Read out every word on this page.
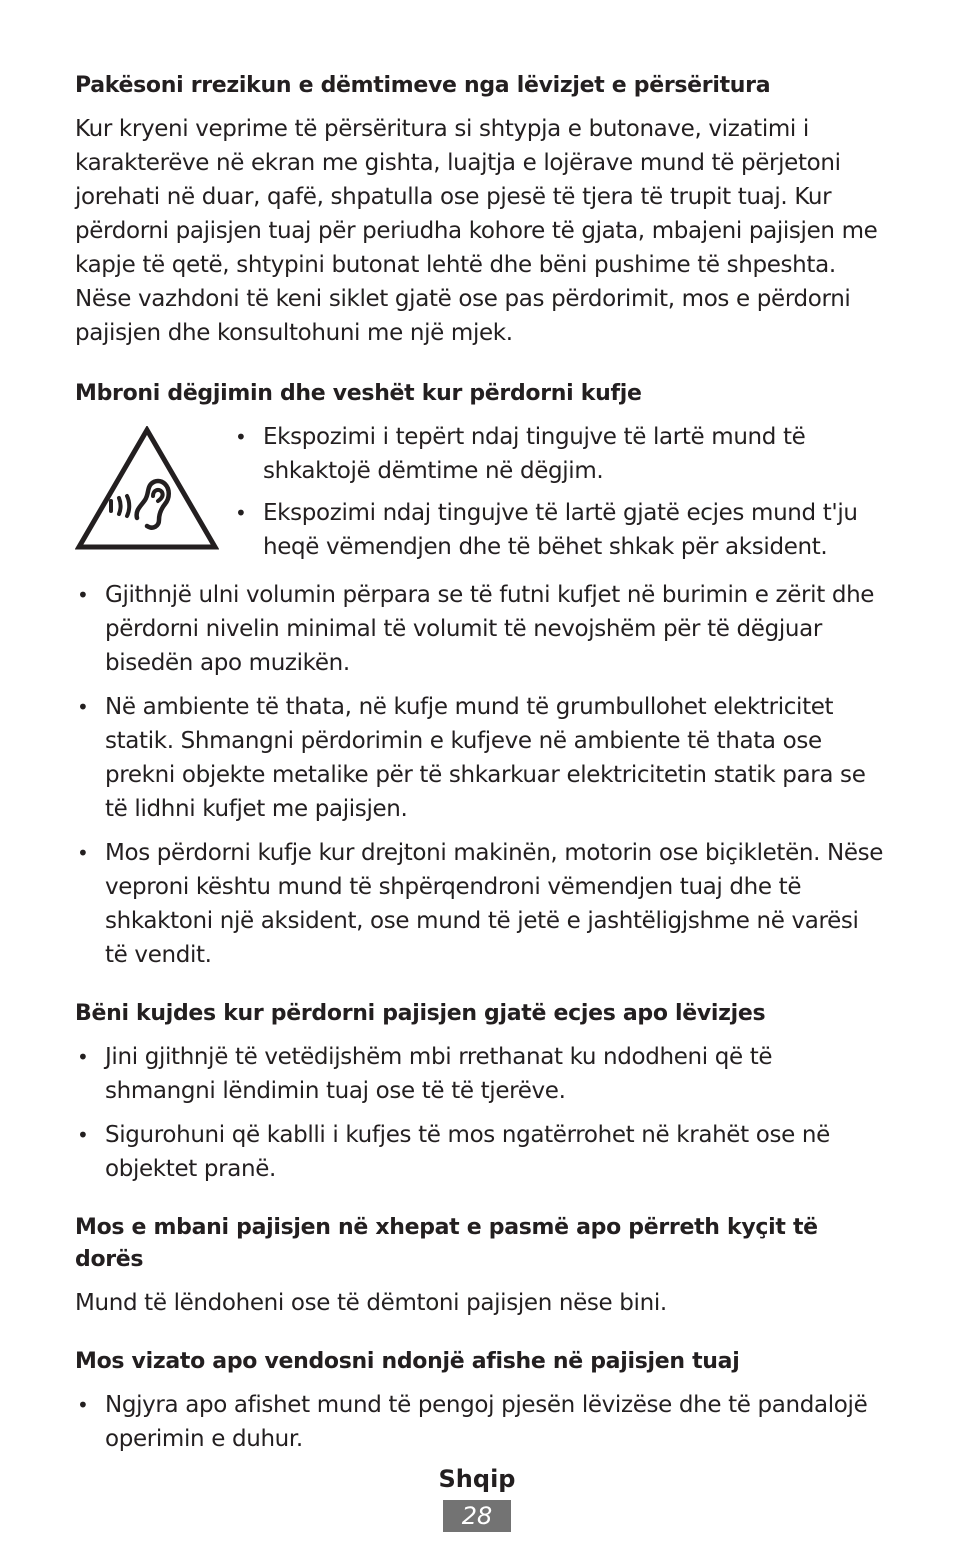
Pakësoni rrezikun e dëmtimeve nga lëvizjet e përsëritura

Kur kryeni veprime të përsëritura si shtypja e butonave, vizatimi i karakterëve në ekran me gishta, luajtja e lojërave mund të përjetoni jorehati në duar, qafë, shpatulla ose pjesë të tjera të trupit tuaj. Kur përdorni pajisjen tuaj për periudha kohore të gjata, mbajeni pajisjen me kapje të qetë, shtypini butonat lehtë dhe bëni pushime të shpeshta. Nëse vazhdoni të keni siklet gjatë ose pas përdorimit, mos e përdorni pajisjen dhe konsultohuni me një mjek.

Mbroni dëgjimin dhe veshët kur përdorni kufje

• Ekspozimi i tepërt ndaj tingujve të lartë mund të shkaktojë dëmtime në dëgjim.
• Ekspozimi ndaj tingujve të lartë gjatë ecjes mund t'ju heqë vëmendjen dhe të bëhet shkak për aksident.
• Gjithnjë ulni volumin përpara se të futni kufjet në burimin e zërit dhe përdorni nivelin minimal të volumit të nevojshëm për të dëgjuar bisedën apo muzikën.
• Në ambiente të thata, në kufje mund të grumbullohet elektricitet statik. Shmangni përdorimin e kufjeve në ambiente të thata ose prekni objekte metalike për të shkarkuar elektricitetin statik para se të lidhni kufjet me pajisjen.
• Mos përdorni kufje kur drejtoni makinën, motorin ose biçikletën. Nëse veproni kështu mund të shpërqendroni vëmendjen tuaj dhe të shkaktoni një aksident, ose mund të jetë e jashtëligjshme në varësi të vendit.

Bëni kujdes kur përdorni pajisjen gjatë ecjes apo lëvizjes

• Jini gjithnjë të vetëdijshëm mbi rrethanat ku ndodheni që të shmangni lëndimin tuaj ose të të tjerëve.
• Sigurohuni që kablli i kufjes të mos ngatërrohet në krahët ose në objektet pranë.

Mos e mbani pajisjen në xhepat e pasmë apo përreth kyçit të dorës

Mund të lëndoheni ose të dëmtoni pajisjen nëse bini.

Mos vizato apo vendosni ndonjë afishe në pajisjen tuaj

• Ngjyra apo afishet mund të pengoj pjesën lëvizëse dhe të pandalojë operimin e duhur.
Shqip
28
